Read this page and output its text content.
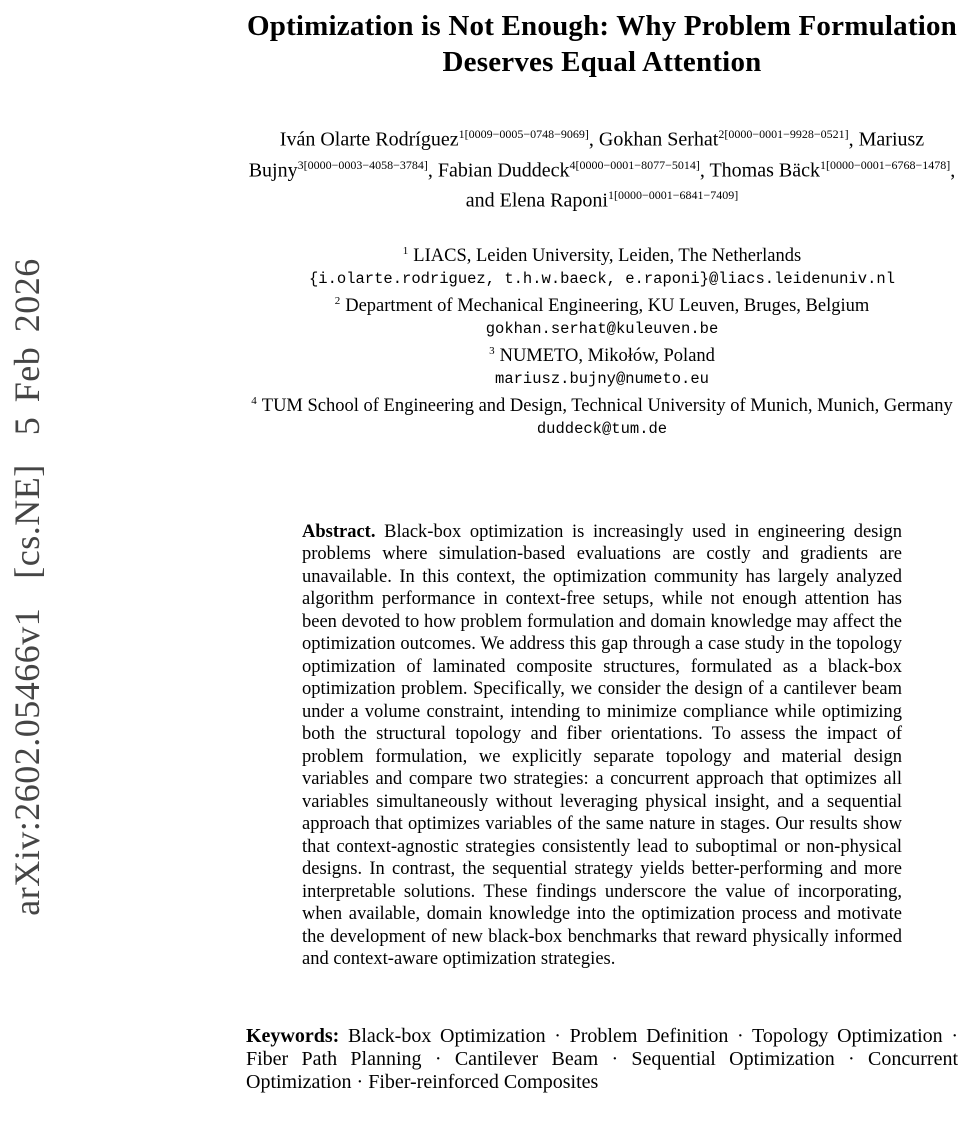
arXiv:2602.05466v1  [cs.NE]  5 Feb 2026
Optimization is Not Enough: Why Problem Formulation Deserves Equal Attention

Iván Olarte Rodríguez$^{1[0009-0005-0748-9069]}$, Gokhan Serhat$^{2[0000-0001-9928-0521]}$, Mariusz Bujny$^{3[0000-0003-4058-3784]}$, Fabian Duddeck$^{4[0000-0001-8077-5014]}$, Thomas Bäck$^{1[0000-0001-6768-1478]}$, and Elena Raponi$^{1[0000-0001-6841-7409]}$

$^1$ LIACS, Leiden University, Leiden, The Netherlands
{i.olarte.rodriguez, t.h.w.baeck, e.raponi}@liacs.leidenuniv.nl
$^2$ Department of Mechanical Engineering, KU Leuven, Bruges, Belgium
gokhan.serhat@kuleuven.be
$^3$ NUMETO, Mikołów, Poland
mariusz.bujny@numeto.eu
$^4$ TUM School of Engineering and Design, Technical University of Munich, Munich, Germany
duddeck@tum.de
Abstract. Black-box optimization is increasingly used in engineering design problems where simulation-based evaluations are costly and gradients are unavailable. In this context, the optimization community has largely analyzed algorithm performance in context-free setups, while not enough attention has been devoted to how problem formulation and domain knowledge may affect the optimization outcomes. We address this gap through a case study in the topology optimization of laminated composite structures, formulated as a black-box optimization problem. Specifically, we consider the design of a cantilever beam under a volume constraint, intending to minimize compliance while optimizing both the structural topology and fiber orientations. To assess the impact of problem formulation, we explicitly separate topology and material design variables and compare two strategies: a concurrent approach that optimizes all variables simultaneously without leveraging physical insight, and a sequential approach that optimizes variables of the same nature in stages. Our results show that context-agnostic strategies consistently lead to suboptimal or non-physical designs. In contrast, the sequential strategy yields better-performing and more interpretable solutions. These findings underscore the value of incorporating, when available, domain knowledge into the optimization process and motivate the development of new black-box benchmarks that reward physically informed and context-aware optimization strategies.

Keywords: Black-box Optimization · Problem Definition · Topology Optimization · Fiber Path Planning · Cantilever Beam · Sequential Optimization · Concurrent Optimization · Fiber-reinforced Composites
